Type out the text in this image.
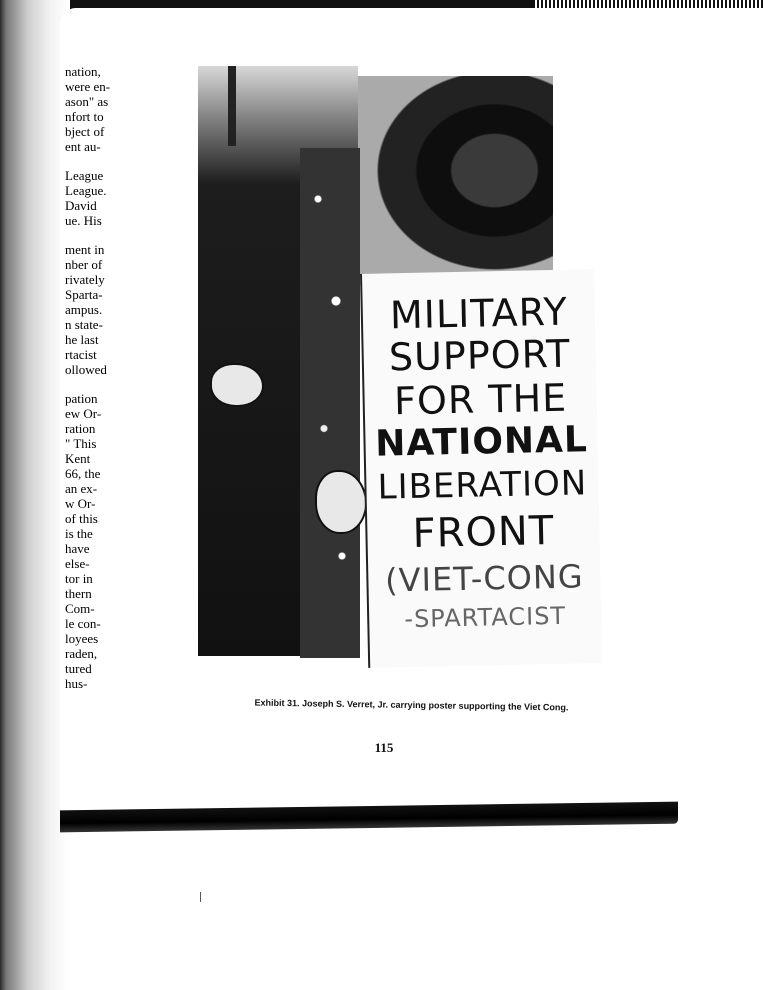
nation,
were en-
ason" as
nfort to
bject of
ent au-
League
League.
David
ue. His
ment in
nber of
rivately
Sparta-
ampus.
n state-
he last
rtacist
ollowed
pation
ew Or-
ration
" This
Kent
66, the
an ex-
w Or-
of this
is the
have
else-
tor in
thern
Com-
le con-
loyees
raden,
tured
hus-
MILITARY
SUPPORT
FOR THE
NATIONAL
LIBERATION
FRONT
(VIET-CONG
-SPARTACIST
Exhibit 31. Joseph S. Verret, Jr. carrying poster supporting the Viet Cong.
115
